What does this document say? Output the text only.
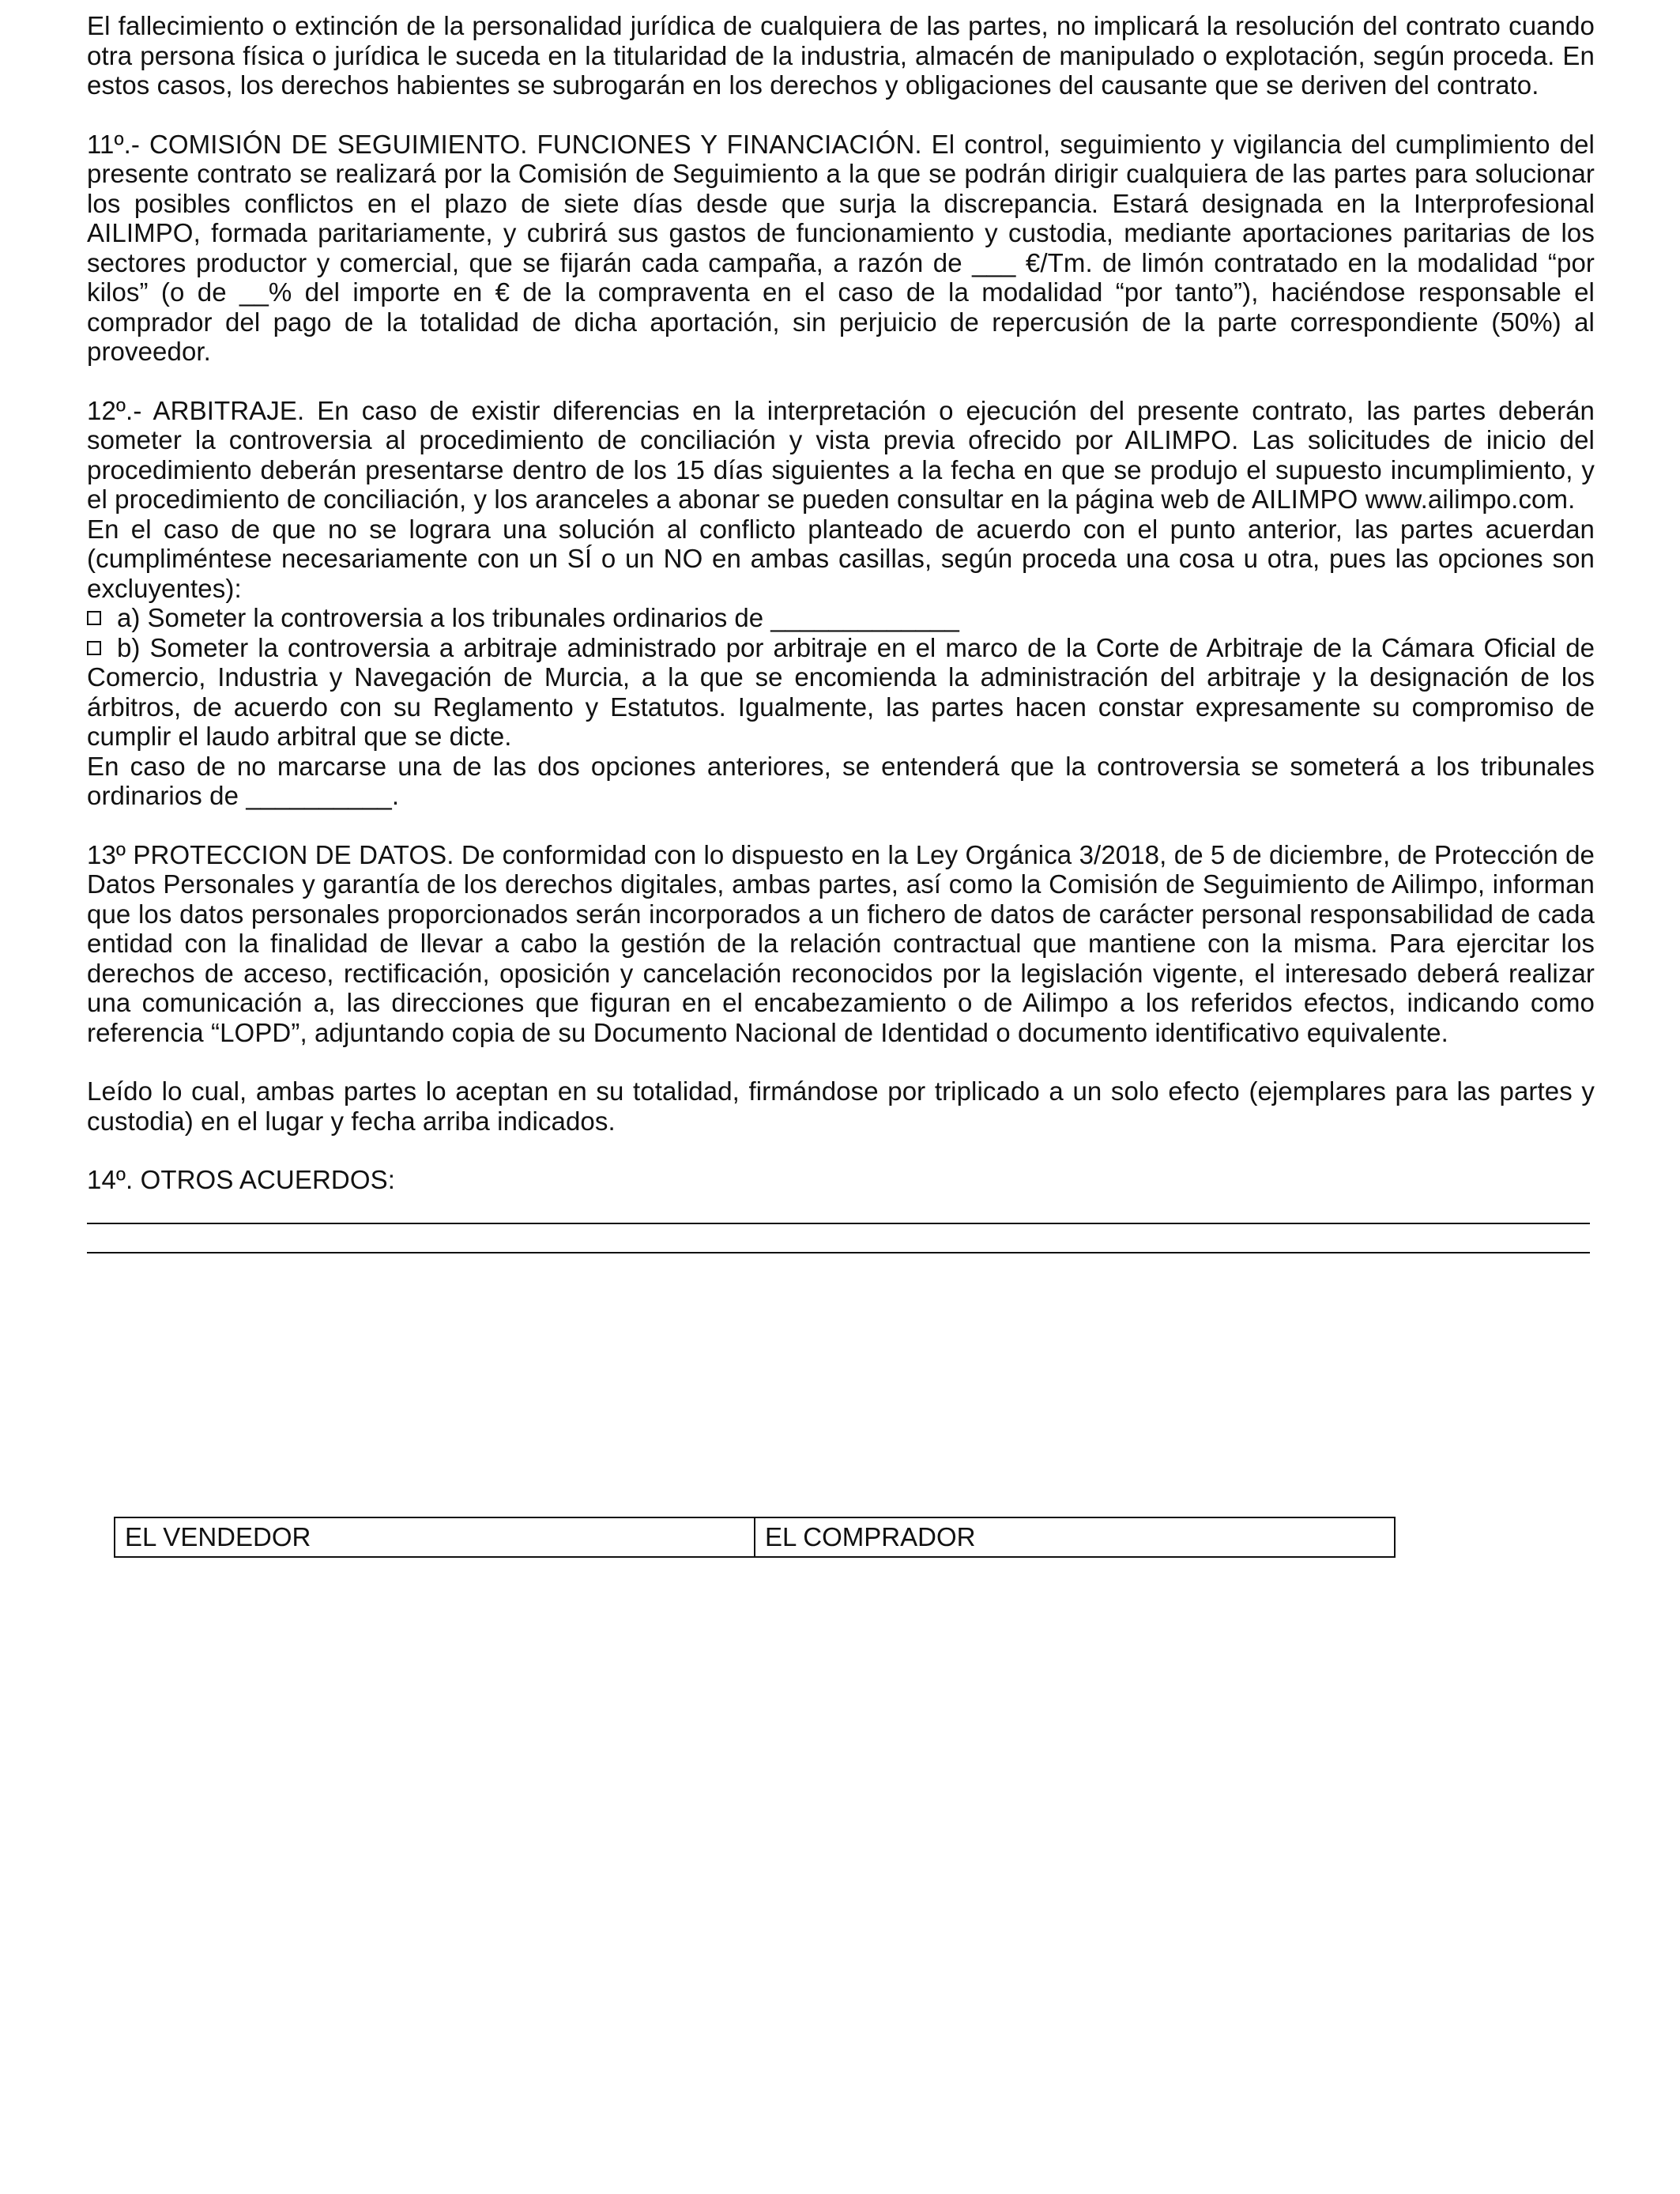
El fallecimiento o extinción de la personalidad jurídica de cualquiera de las partes, no implicará la resolución del contrato cuando otra persona física o jurídica le suceda en la titularidad de la industria, almacén de manipulado o explotación, según proceda. En estos casos, los derechos habientes se subrogarán en los derechos y obligaciones del causante que se deriven del contrato.

11º.- COMISIÓN DE SEGUIMIENTO. FUNCIONES Y FINANCIACIÓN. El control, seguimiento y vigilancia del cumplimiento del presente contrato se realizará por la Comisión de Seguimiento a la que se podrán dirigir cualquiera de las partes para solucionar los posibles conflictos en el plazo de siete días desde que surja la discrepancia. Estará designada en la Interprofesional AILIMPO, formada paritariamente, y cubrirá sus gastos de funcionamiento y custodia, mediante aportaciones paritarias de los sectores productor y comercial, que se fijarán cada campaña, a razón de ___ €/Tm. de limón contratado en la modalidad “por kilos” (o de __% del importe en € de la compraventa en el caso de la modalidad “por tanto”), haciéndose responsable el comprador del pago de la totalidad de dicha aportación, sin perjuicio de repercusión de la parte correspondiente (50%) al proveedor.

12º.- ARBITRAJE. En caso de existir diferencias en la interpretación o ejecución del presente contrato, las partes deberán someter la controversia al procedimiento de conciliación y vista previa ofrecido por AILIMPO. Las solicitudes de inicio del procedimiento deberán presentarse dentro de los 15 días siguientes a la fecha en que se produjo el supuesto incumplimiento, y el procedimiento de conciliación, y los aranceles a abonar se pueden consultar en la página web de AILIMPO www.ailimpo.com.

En el caso de que no se lograra una solución al conflicto planteado de acuerdo con el punto anterior, las partes acuerdan (cumpliméntese necesariamente con un SÍ o un NO en ambas casillas, según proceda una cosa u otra, pues las opciones son excluyentes):

a) Someter la controversia a los tribunales ordinarios de _____________

b) Someter la controversia a arbitraje administrado por arbitraje en el marco de la Corte de Arbitraje de la Cámara Oficial de Comercio, Industria y Navegación de Murcia, a la que se encomienda la administración del arbitraje y la designación de los árbitros, de acuerdo con su Reglamento y Estatutos. Igualmente, las partes hacen constar expresamente su compromiso de cumplir el laudo arbitral que se dicte.

En caso de no marcarse una de las dos opciones anteriores, se entenderá que la controversia se someterá a los tribunales ordinarios de __________.

13º PROTECCION DE DATOS. De conformidad con lo dispuesto en la Ley Orgánica 3/2018, de 5 de diciembre, de Protección de Datos Personales y garantía de los derechos digitales, ambas partes, así como la Comisión de Seguimiento de Ailimpo, informan que los datos personales proporcionados serán incorporados a un fichero de datos de carácter personal responsabilidad de cada entidad con la finalidad de llevar a cabo la gestión de la relación contractual que mantiene con la misma. Para ejercitar los derechos de acceso, rectificación, oposición y cancelación reconocidos por la legislación vigente, el interesado deberá realizar una comunicación a, las direcciones que figuran en el encabezamiento o de Ailimpo a los referidos efectos, indicando como referencia “LOPD”, adjuntando copia de su Documento Nacional de Identidad o documento identificativo equivalente.

Leído lo cual, ambas partes lo aceptan en su totalidad, firmándose por triplicado a un solo efecto (ejemplares para las partes y custodia) en el lugar y fecha arriba indicados.

14º. OTROS ACUERDOS:

EL VENDEDOR	EL COMPRADOR
